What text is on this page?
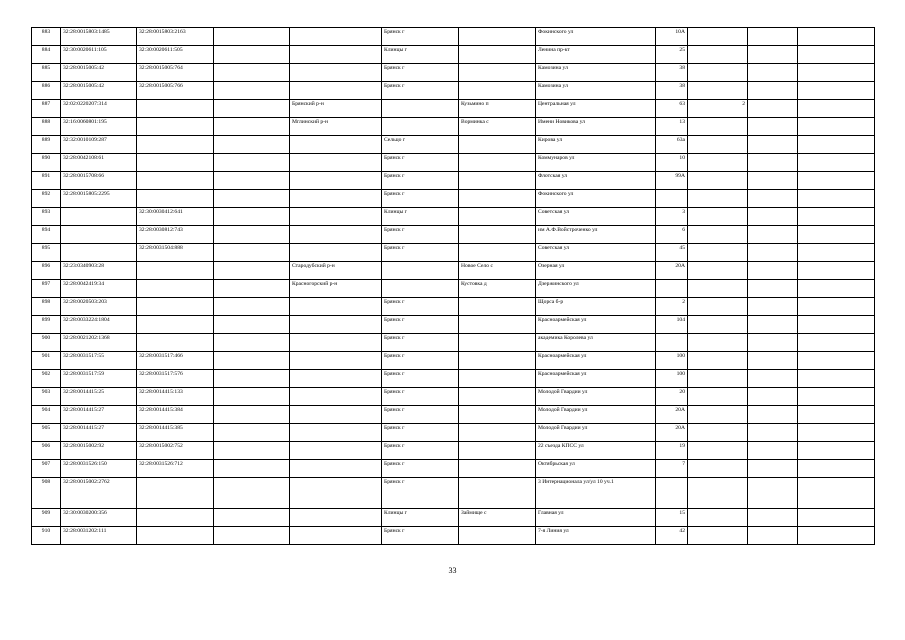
883	32:28:0015803:1485	32:28:0015803:2163			Брянск г		Фокинского ул	10А			
884	32:30:0020611:105	32:30:0020611:505			Клинцы г		Ленина пр-кт	25			
885	32:28:0015005:42	32:28:0015005:764			Брянск г		Камозина ул	38			
886	32:28:0015005:42	32:28:0015005:766			Брянск г		Камозина ул	38			
887	32:02:0220207:314			Брянский р-н		Кузьмино п	Центральная ул	63	2		
888	32:16:0060801:195			Мглинский р-н		Ворминка с	Имени Новикова ул	13			
889	32:32:0010109:287				Сельцо г		Кирова ул	63а			
890	32:28:0042108:61				Брянск г		Коммунаров ул	10			
891	32:28:0015708:66				Брянск г		Флотская ул	99А			
892	32:28:0015805:2295				Брянск г		Фокинского ул				
893		32:30:0030412:641			Клинцы г		Советская ул	3			
894		32:28:0030812:743			Брянск г		им А.Ф.Войстроченко ул	6			
895		32:28:0031504:888			Брянск г		Советская ул	45			
896	32:23:0340903:28			Стародубский р-н		Новое Село с	Озерная ул	20А			
897	32:28:0042419:34			Красногорский р-н		Кустовка д	Дзержинского ул				
898	32:28:0020503:203				Брянск г		Щорса б-р	2			
899	32:28:0033224:1804				Брянск г		Красноармейская ул	104			
900	32:28:0021202:1368				Брянск г		академика Королева ул				
901	32:28:0031517:55	32:28:0031517:466			Брянск г		Красноармейская ул	100			
902	32:28:0031517:59	32:28:0031517:576			Брянск г		Красноармейская ул	100			
903	32:28:0014415:25	32:28:0014415:133			Брянск г		Молодой Гвардии ул	20			
904	32:28:0014415:27	32:28:0014415:384			Брянск г		Молодой Гвардии ул	20А			
905	32:28:0014415:27	32:28:0014415:385			Брянск г		Молодой Гвардии ул	20А			
906	32:28:0015002:92	32:28:0015002:752			Брянск г		22 съезда КПСС ул	19			
907	32:28:0031526:150	32:28:0031526:712			Брянск г		Октябрьская ул	7			
908	32:28:0015002:2762				Брянск г		3 Интернационала ул/ул 10 уч.1				
909	32:30:0030200:356				Клинцы г	Займище с	Главная ул	15			
910	32:28:0031202:111				Брянск г		7-я Линия ул	42			
33
